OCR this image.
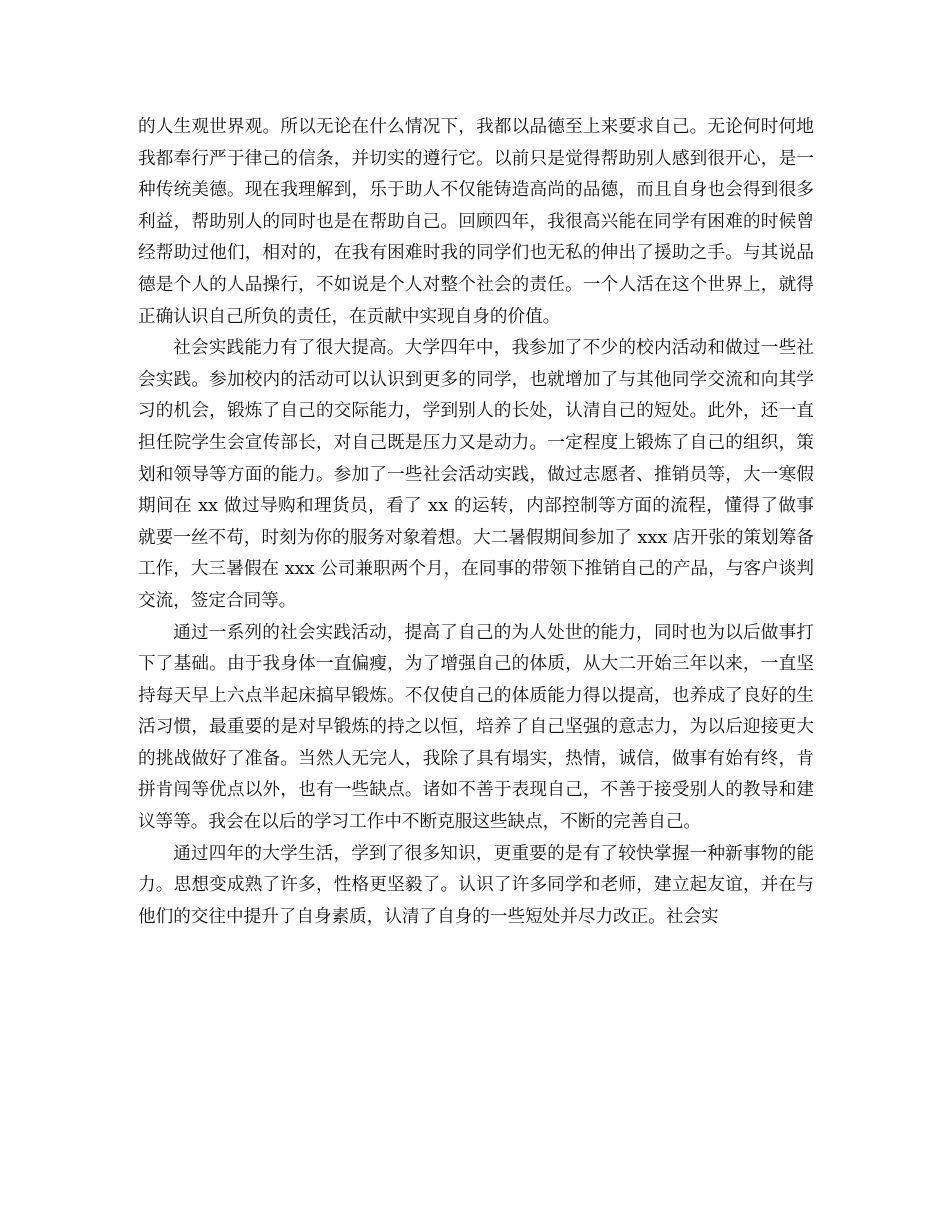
的人生观世界观。所以无论在什么情况下，我都以品德至上来要求自己。无论何时何地我都奉行严于律己的信条，并切实的遵行它。以前只是觉得帮助别人感到很开心，是一种传统美德。现在我理解到，乐于助人不仅能铸造高尚的品德，而且自身也会得到很多利益，帮助别人的同时也是在帮助自己。回顾四年，我很高兴能在同学有困难的时候曾经帮助过他们，相对的，在我有困难时我的同学们也无私的伸出了援助之手。与其说品德是个人的人品操行，不如说是个人对整个社会的责任。一个人活在这个世界上，就得正确认识自己所负的责任，在贡献中实现自身的价值。

社会实践能力有了很大提高。大学四年中，我参加了不少的校内活动和做过一些社会实践。参加校内的活动可以认识到更多的同学，也就增加了与其他同学交流和向其学习的机会，锻炼了自己的交际能力，学到别人的长处，认清自己的短处。此外，还一直担任院学生会宣传部长，对自己既是压力又是动力。一定程度上锻炼了自己的组织，策划和领导等方面的能力。参加了一些社会活动实践，做过志愿者、推销员等，大一寒假期间在 xx 做过导购和理货员，看了 xx 的运转，内部控制等方面的流程，懂得了做事就要一丝不苟，时刻为你的服务对象着想。大二暑假期间参加了 xxx 店开张的策划筹备工作，大三暑假在 xxx 公司兼职两个月，在同事的带领下推销自己的产品，与客户谈判交流，签定合同等。

通过一系列的社会实践活动，提高了自己的为人处世的能力，同时也为以后做事打下了基础。由于我身体一直偏瘦，为了增强自己的体质，从大二开始三年以来，一直坚持每天早上六点半起床搞早锻炼。不仅使自己的体质能力得以提高，也养成了良好的生活习惯，最重要的是对早锻炼的持之以恒，培养了自己坚强的意志力，为以后迎接更大的挑战做好了准备。当然人无完人，我除了具有塌实，热情，诚信，做事有始有终，肯拼肯闯等优点以外，也有一些缺点。诸如不善于表现自己，不善于接受别人的教导和建议等等。我会在以后的学习工作中不断克服这些缺点，不断的完善自己。

通过四年的大学生活，学到了很多知识，更重要的是有了较快掌握一种新事物的能力。思想变成熟了许多，性格更坚毅了。认识了许多同学和老师，建立起友谊，并在与他们的交往中提升了自身素质，认清了自身的一些短处并尽力改正。社会实
